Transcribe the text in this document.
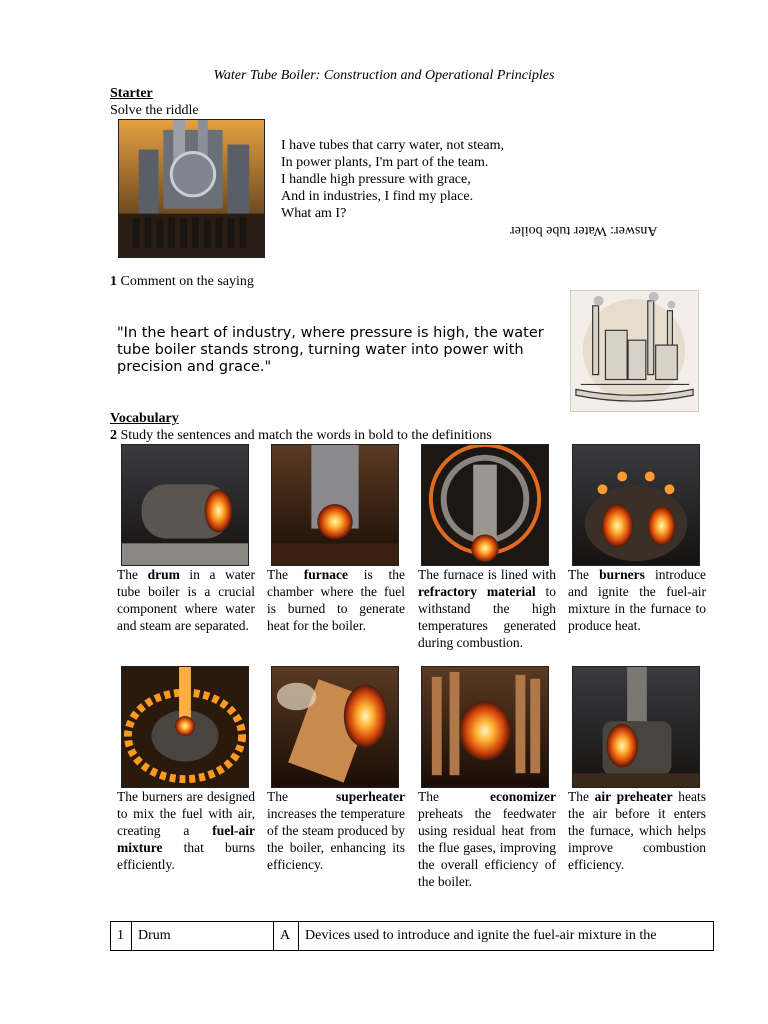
Water Tube Boiler: Construction and Operational Principles
Starter
Solve the riddle
I have tubes that carry water, not steam,
In power plants, I'm part of the team.
I handle high pressure with grace,
And in industries, I find my place.
What am I?
Answer: Water tube boiler
1 Comment on the saying
"In the heart of industry, where pressure is high, the water tube boiler stands strong, turning water into power with precision and grace."
Vocabulary
2 Study the sentences and match the words in bold to the definitions
The drum in a water tube boiler is a crucial component where water and steam are separated.
The furnace is the chamber where the fuel is burned to generate heat for the boiler.
The furnace is lined with refractory material to withstand the high temperatures generated during combustion.
The burners introduce and ignite the fuel-air mixture in the furnace to produce heat.
The burners are designed to mix the fuel with air, creating a fuel-air mixture that burns efficiently.
The superheater increases the temperature of the steam produced by the boiler, enhancing its efficiency.
The economizer preheats the feedwater using residual heat from the flue gases, improving the overall efficiency of the boiler.
The air preheater heats the air before it enters the furnace, which helps improve combustion efficiency.
1	Drum	A	Devices used to introduce and ignite the fuel-air mixture in the
